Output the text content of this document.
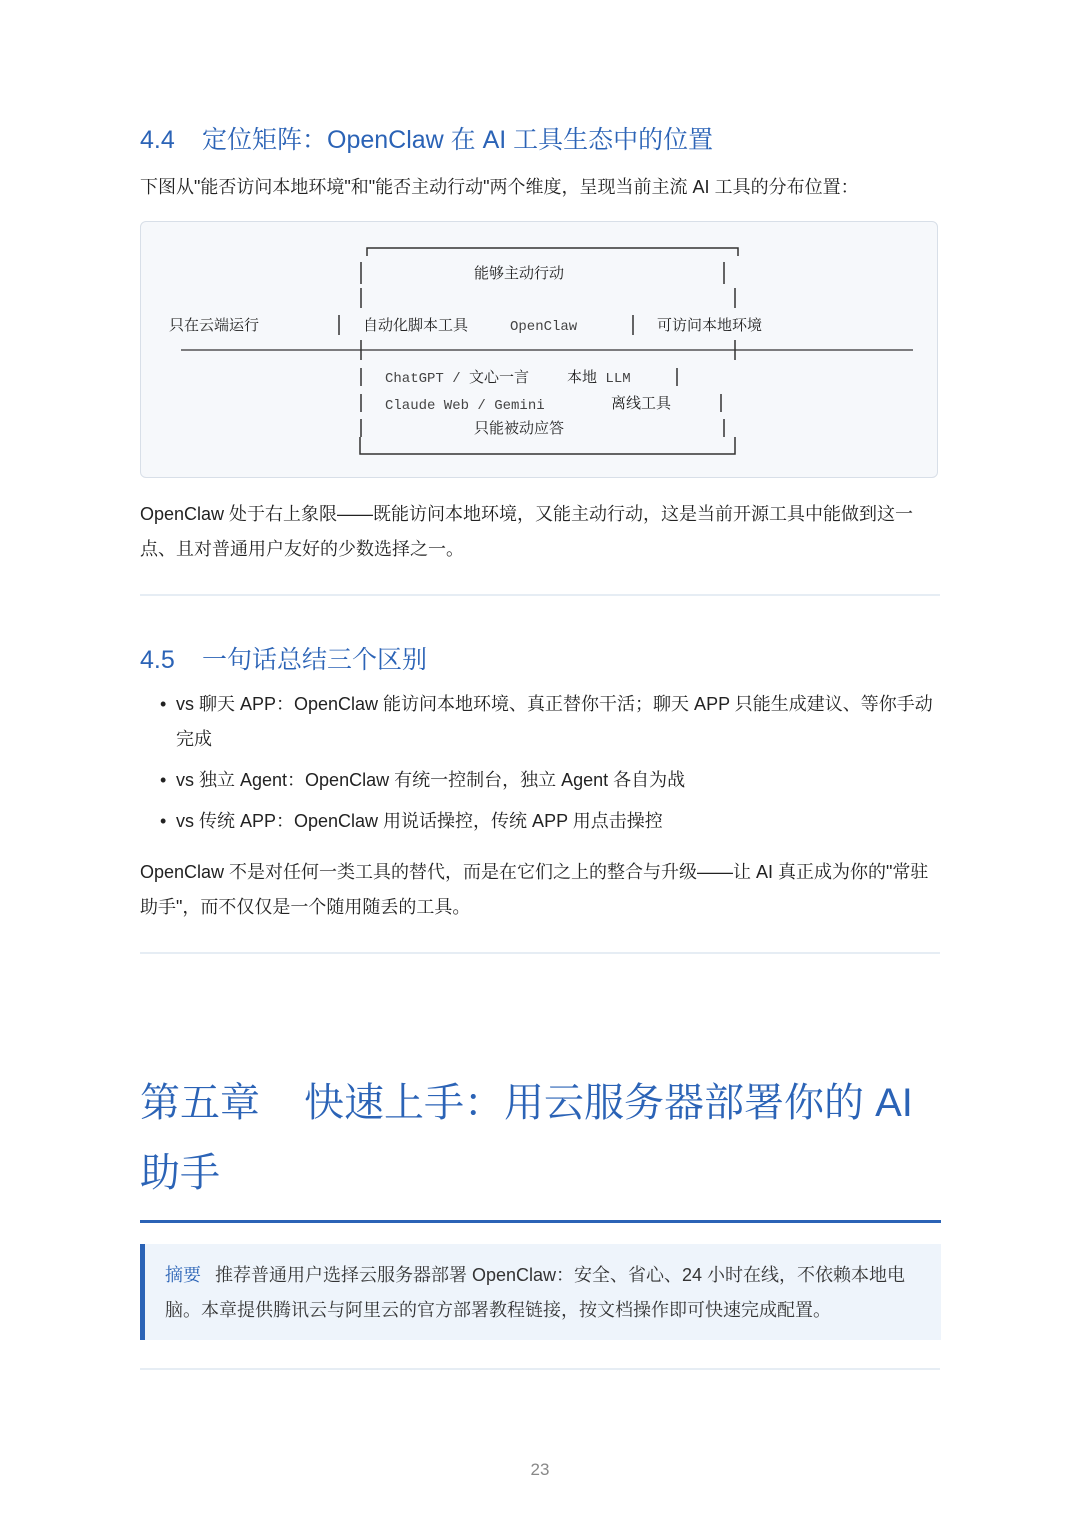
4.4 定位矩阵：OpenClaw 在 AI 工具生态中的位置

下图从"能否访问本地环境"和"能否主动行动"两个维度，呈现当前主流 AI 工具的分布位置：

能够主动行动
只在云端运行	自动化脚本工具	OpenClaw	可访问本地环境
ChatGPT / 文心一言	本地 LLM
Claude Web / Gemini	离线工具
只能被动应答

OpenClaw 处于右上象限——既能访问本地环境，又能主动行动，这是当前开源工具中能做到这一点、且对普通用户友好的少数选择之一。

4.5 一句话总结三个区别
• vs 聊天 APP：OpenClaw 能访问本地环境、真正替你干活；聊天 APP 只能生成建议、等你手动完成
• vs 独立 Agent：OpenClaw 有统一控制台，独立 Agent 各自为战
• vs 传统 APP：OpenClaw 用说话操控，传统 APP 用点击操控

OpenClaw 不是对任何一类工具的替代，而是在它们之上的整合与升级——让 AI 真正成为你的"常驻助手"，而不仅仅是一个随用随丢的工具。

第五章 快速上手：用云服务器部署你的 AI 助手
摘要 推荐普通用户选择云服务器部署 OpenClaw：安全、省心、24 小时在线，不依赖本地电脑。本章提供腾讯云与阿里云的官方部署教程链接，按文档操作即可快速完成配置。
23
